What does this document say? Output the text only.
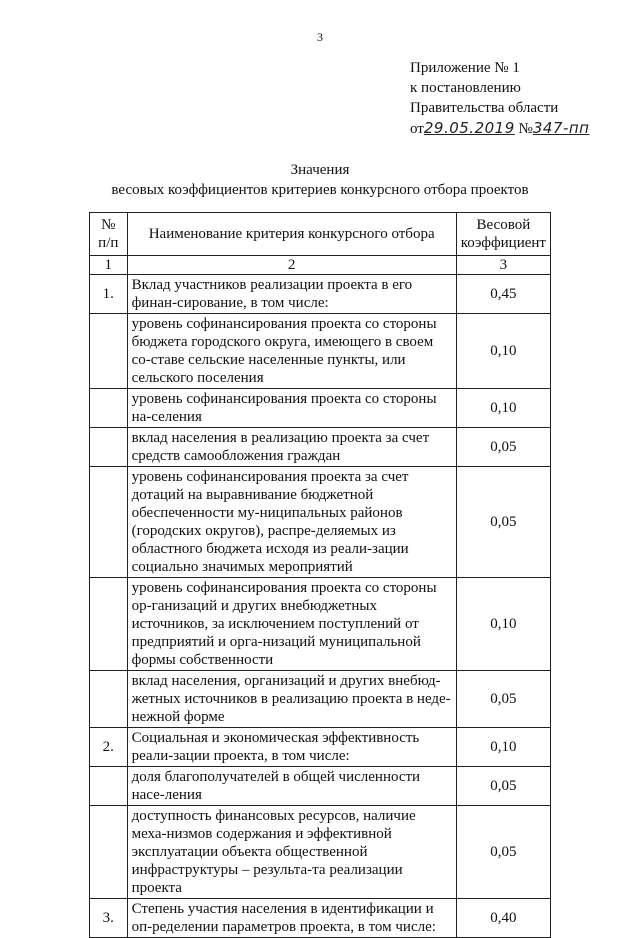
3
Приложение № 1
к постановлению
Правительства области
от29.05.2019 №347-пп
Значения
весовых коэффициентов критериев конкурсного отбора проектов
№ п/п	Наименование критерия конкурсного отбора	Весовой коэффициент
1	2	3
1.	Вклад участников реализации проекта в его финан-сирование, в том числе:	0,45
	уровень софинансирования проекта со стороны бюджета городского округа, имеющего в своем со-ставе сельские населенные пункты, или сельского поселения	0,10
	уровень софинансирования проекта со стороны на-селения	0,10
	вклад населения в реализацию проекта за счет средств самообложения граждан	0,05
	уровень софинансирования проекта за счет дотаций на выравнивание бюджетной обеспеченности му-ниципальных районов (городских округов), распре-деляемых из областного бюджета исходя из реали-зации социально значимых мероприятий	0,05
	уровень софинансирования проекта со стороны ор-ганизаций и других внебюджетных источников, за исключением поступлений от предприятий и орга-низаций муниципальной формы собственности	0,10
	вклад населения, организаций и других внебюд-жетных источников в реализацию проекта в неде-нежной форме	0,05
2.	Социальная и экономическая эффективность реали-зации проекта, в том числе:	0,10
	доля благополучателей в общей численности насе-ления	0,05
	доступность финансовых ресурсов, наличие меха-низмов содержания и эффективной эксплуатации объекта общественной инфраструктуры – результа-та реализации проекта	0,05
3.	Степень участия населения в идентификации и оп-ределении параметров проекта, в том числе:	0,40
